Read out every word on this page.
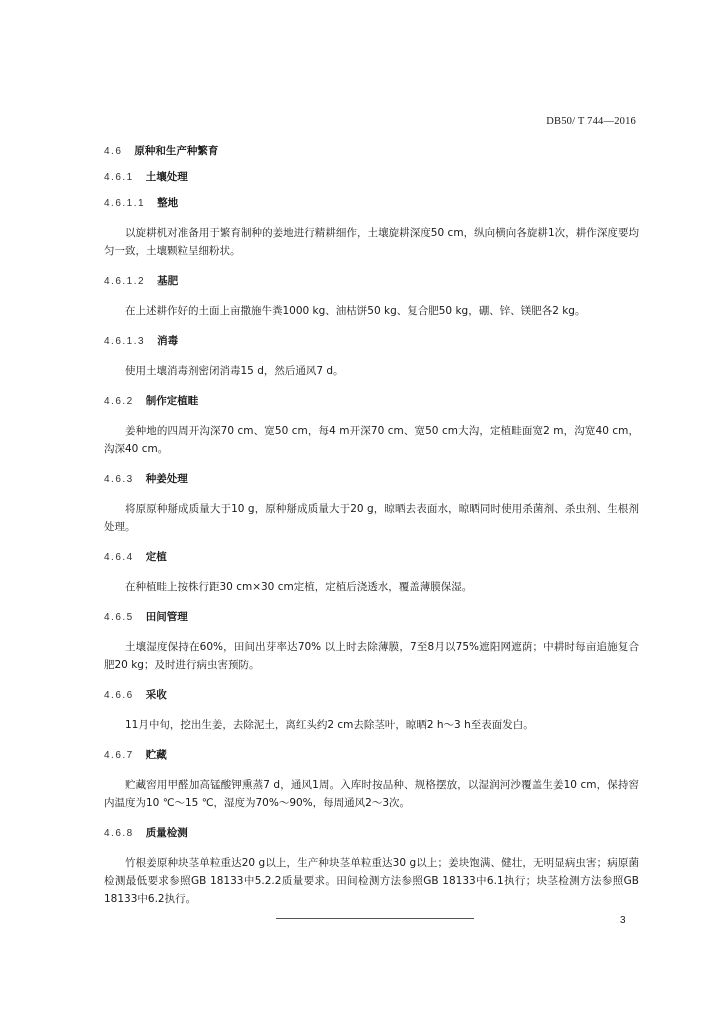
DB50/ T 744—2016
4.6 原种和生产种繁育
4.6.1 土壤处理
4.6.1.1 整地

以旋耕机对准备用于繁育制种的姜地进行精耕细作，土壤旋耕深度50 cm，纵向横向各旋耕1次，耕作深度要均匀一致，土壤颗粒呈细粉状。

4.6.1.2 基肥

在上述耕作好的土面上亩撒施牛粪1000 kg、油枯饼50 kg、复合肥50 kg，硼、锌、镁肥各2 kg。

4.6.1.3 消毒

使用土壤消毒剂密闭消毒15 d，然后通风7 d。

4.6.2 制作定植畦

姜种地的四周开沟深70 cm、宽50 cm，每4 m开深70 cm、宽50 cm大沟，定植畦面宽2 m，沟宽40 cm，沟深40 cm。

4.6.3 种姜处理

将原原种掰成质量大于10 g，原种掰成质量大于20 g，晾晒去表面水，晾晒同时使用杀菌剂、杀虫剂、生根剂处理。

4.6.4 定植

在种植畦上按株行距30 cm×30 cm定植，定植后浇透水，覆盖薄膜保湿。

4.6.5 田间管理

土壤湿度保持在60%，田间出芽率达70% 以上时去除薄膜，7至8月以75%遮阳网遮荫；中耕时每亩追施复合肥20 kg；及时进行病虫害预防。

4.6.6 采收

11月中旬，挖出生姜，去除泥土，离红头约2 cm去除茎叶，晾晒2 h～3 h至表面发白。

4.6.7 贮藏

贮藏窖用甲醛加高锰酸钾熏蒸7 d，通风1周。入库时按品种、规格摆放，以湿润河沙覆盖生姜10 cm，保持窖内温度为10 ℃～15 ℃，湿度为70%～90%，每周通风2～3次。

4.6.8 质量检测

竹根姜原种块茎单粒重达20 g以上，生产种块茎单粒重达30 g以上；姜块饱满、健壮，无明显病虫害；病原菌检测最低要求参照GB 18133中5.2.2质量要求。田间检测方法参照GB 18133中6.1执行；块茎检测方法参照GB 18133中6.2执行。

3
